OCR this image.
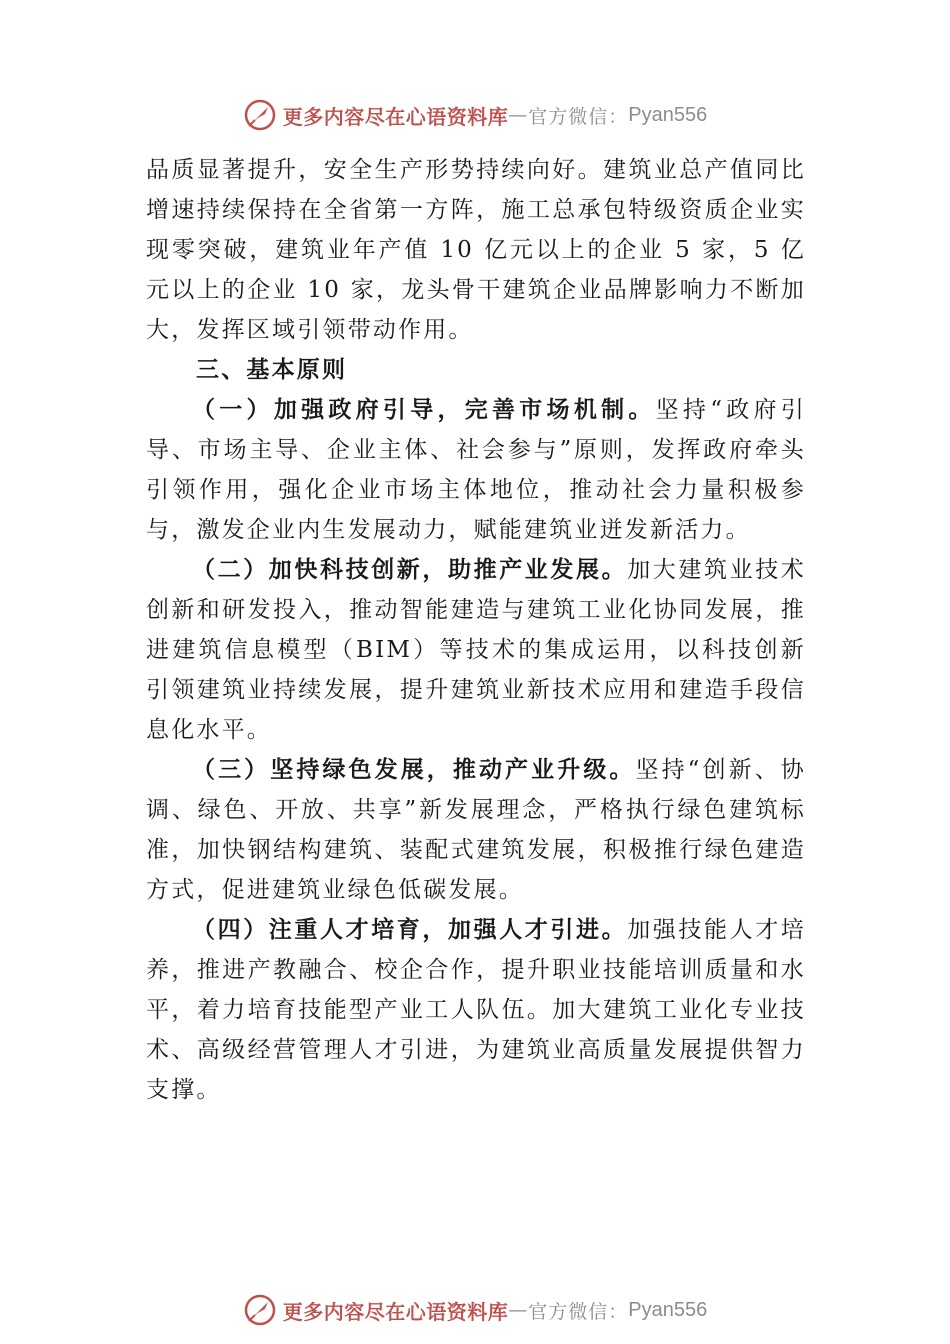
更多内容尽在心语资料库 — 官方微信： Pyan556

品质显著提升，安全生产形势持续向好。建筑业总产值同比增速持续保持在全省第一方阵，施工总承包特级资质企业实现零突破，建筑业年产值 10 亿元以上的企业 5 家，5 亿元以上的企业 10 家，龙头骨干建筑企业品牌影响力不断加大，发挥区域引领带动作用。

三、基本原则

（一）加强政府引导，完善市场机制。坚持“政府引导、市场主导、企业主体、社会参与”原则，发挥政府牵头引领作用，强化企业市场主体地位，推动社会力量积极参与，激发企业内生发展动力，赋能建筑业迸发新活力。

（二）加快科技创新，助推产业发展。加大建筑业技术创新和研发投入，推动智能建造与建筑工业化协同发展，推进建筑信息模型（BIM）等技术的集成运用，以科技创新引领建筑业持续发展，提升建筑业新技术应用和建造手段信息化水平。

（三）坚持绿色发展，推动产业升级。坚持“创新、协调、绿色、开放、共享”新发展理念，严格执行绿色建筑标准，加快钢结构建筑、装配式建筑发展，积极推行绿色建造方式，促进建筑业绿色低碳发展。

（四）注重人才培育，加强人才引进。加强技能人才培养，推进产教融合、校企合作，提升职业技能培训质量和水平，着力培育技能型产业工人队伍。加大建筑工业化专业技术、高级经营管理人才引进，为建筑业高质量发展提供智力支撑。

更多内容尽在心语资料库 — 官方微信： Pyan556
